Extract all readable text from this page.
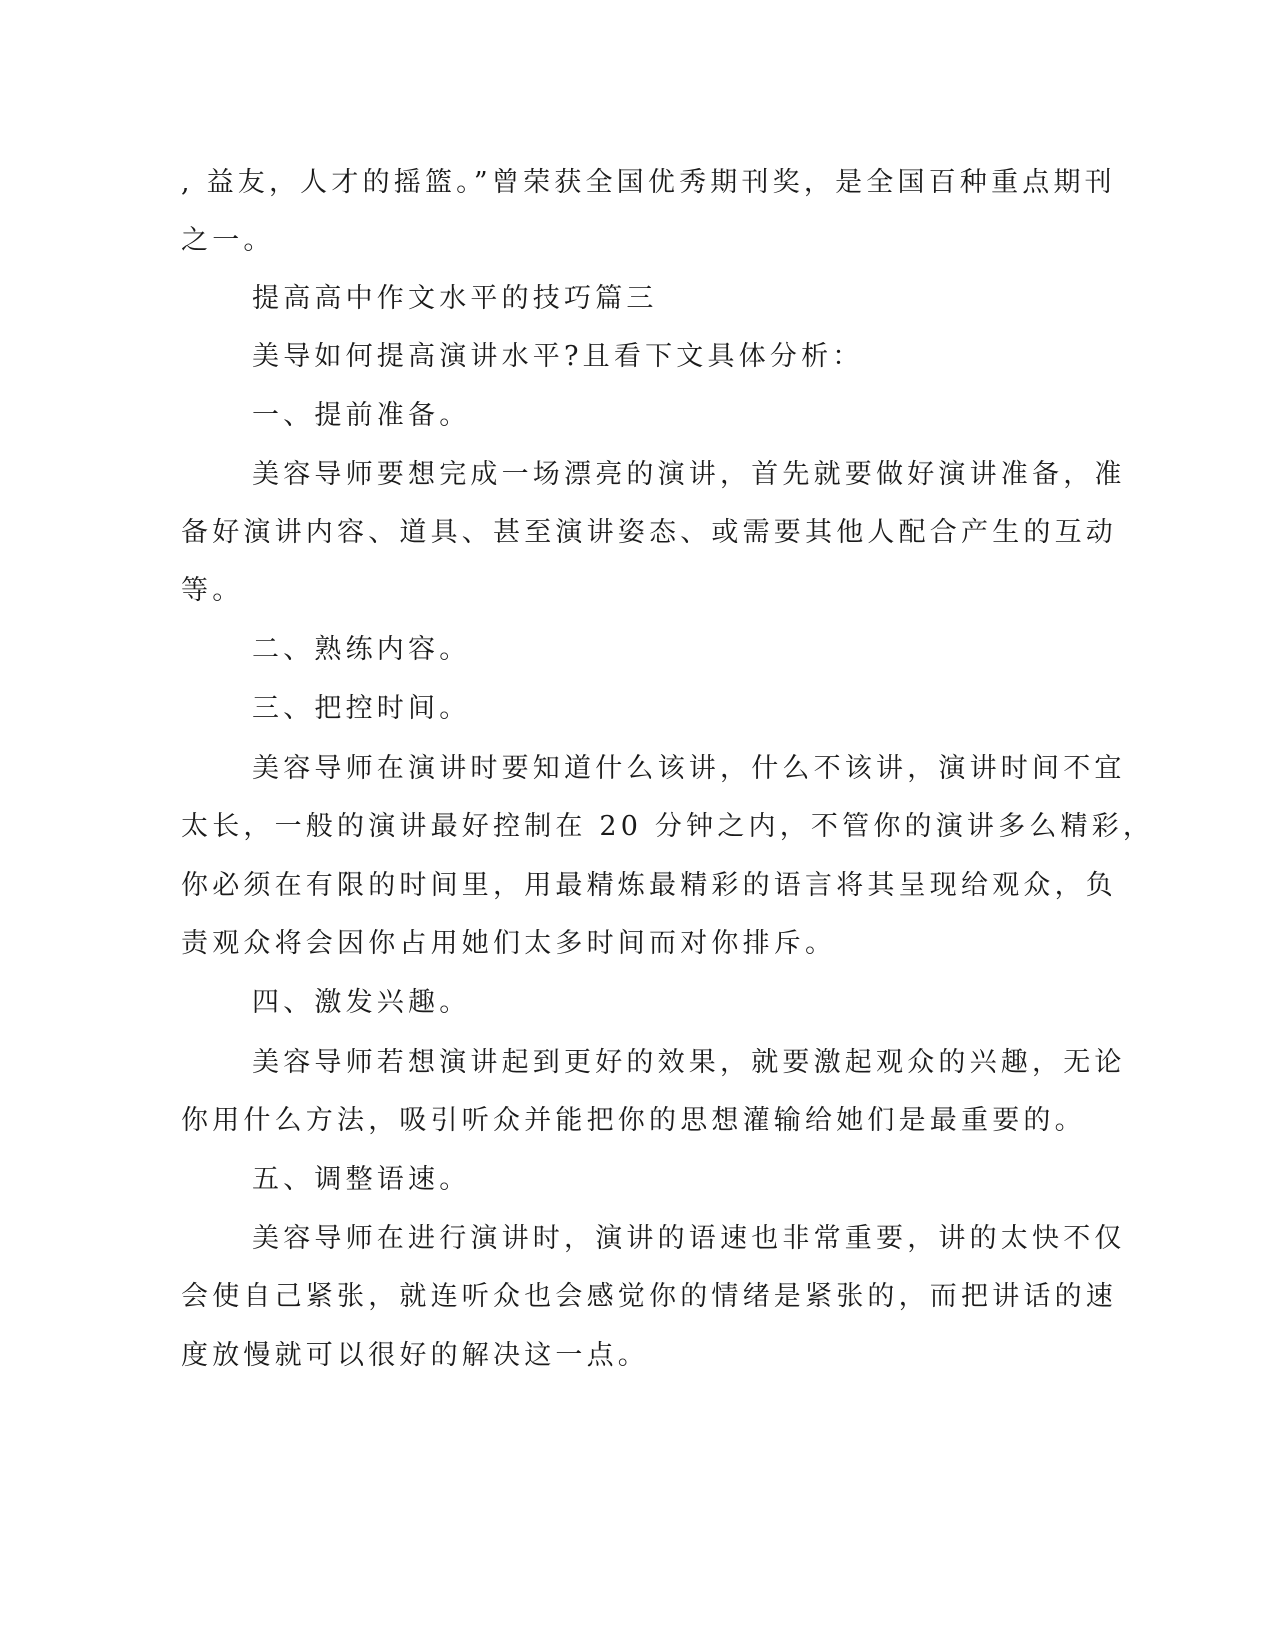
, 益友，人才的摇篮。”曾荣获全国优秀期刊奖，是全国百种重点期刊
之一。
提高高中作文水平的技巧篇三
美导如何提高演讲水平?且看下文具体分析：
一、提前准备。
美容导师要想完成一场漂亮的演讲，首先就要做好演讲准备，准
备好演讲内容、道具、甚至演讲姿态、或需要其他人配合产生的互动
等。
二、熟练内容。
三、把控时间。
美容导师在演讲时要知道什么该讲，什么不该讲，演讲时间不宜
太长，一般的演讲最好控制在 20 分钟之内，不管你的演讲多么精彩，
你必须在有限的时间里，用最精炼最精彩的语言将其呈现给观众，负
责观众将会因你占用她们太多时间而对你排斥。
四、激发兴趣。
美容导师若想演讲起到更好的效果，就要激起观众的兴趣，无论
你用什么方法，吸引听众并能把你的思想灌输给她们是最重要的。
五、调整语速。
美容导师在进行演讲时，演讲的语速也非常重要，讲的太快不仅
会使自己紧张，就连听众也会感觉你的情绪是紧张的，而把讲话的速
度放慢就可以很好的解决这一点。
